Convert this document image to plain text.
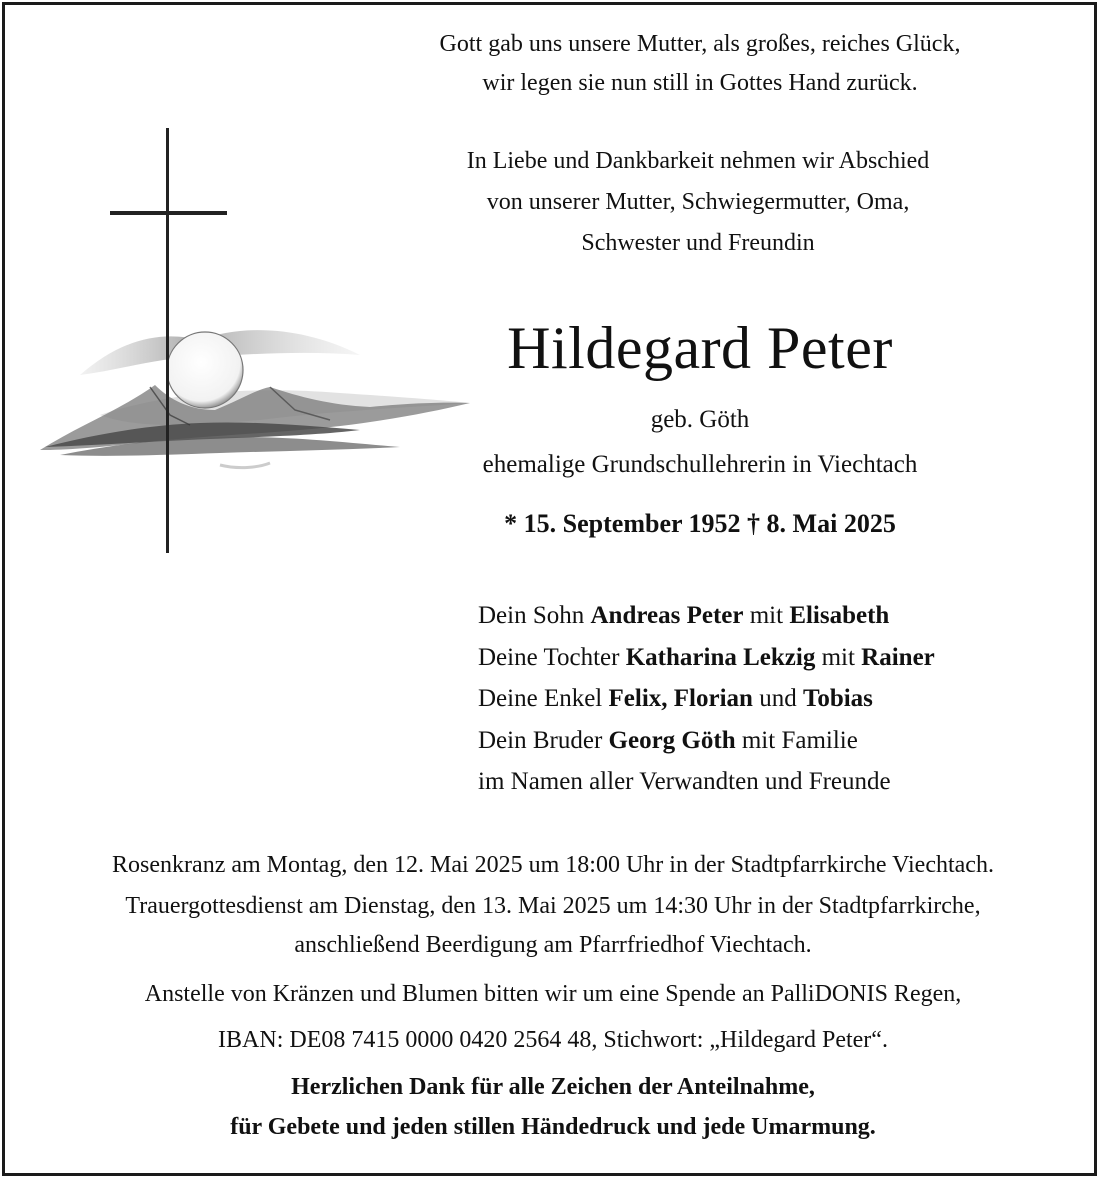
Gott gab uns unsere Mutter, als großes, reiches Glück,
wir legen sie nun still in Gottes Hand zurück.
In Liebe und Dankbarkeit nehmen wir Abschied
von unserer Mutter, Schwiegermutter, Oma,
Schwester und Freundin
Hildegard Peter
geb. Göth
ehemalige Grundschullehrerin in Viechtach
* 15. September 1952 † 8. Mai 2025
Dein Sohn Andreas Peter mit Elisabeth
Deine Tochter Katharina Lekzig mit Rainer
Deine Enkel Felix, Florian und Tobias
Dein Bruder Georg Göth mit Familie
im Namen aller Verwandten und Freunde
Rosenkranz am Montag, den 12. Mai 2025 um 18:00 Uhr in der Stadtpfarrkirche Viechtach.
Trauergottesdienst am Dienstag, den 13. Mai 2025 um 14:30 Uhr in der Stadtpfarrkirche,
anschließend Beerdigung am Pfarrfriedhof Viechtach.
Anstelle von Kränzen und Blumen bitten wir um eine Spende an PalliDONIS Regen,
IBAN: DE08 7415 0000 0420 2564 48, Stichwort: „Hildegard Peter“.
Herzlichen Dank für alle Zeichen der Anteilnahme,
für Gebete und jeden stillen Händedruck und jede Umarmung.
